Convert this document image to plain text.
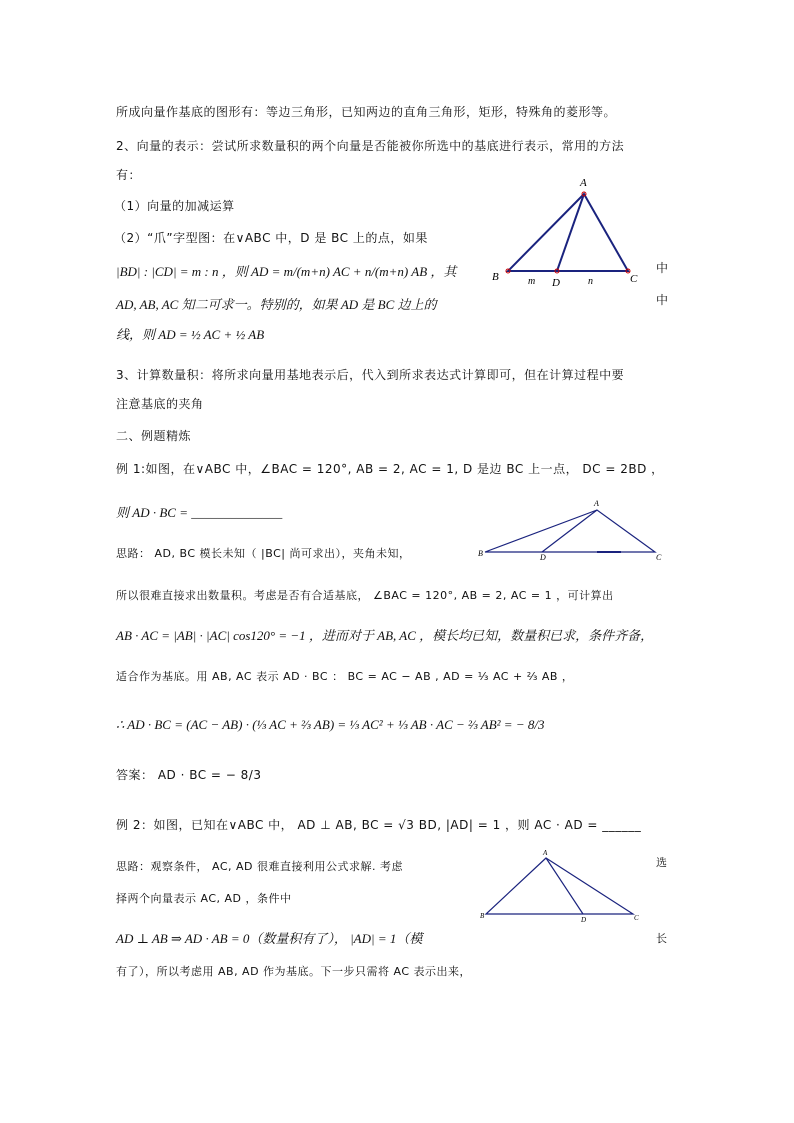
所成向量作基底的图形有：等边三角形，已知两边的直角三角形，矩形，特殊角的菱形等。
2、向量的表示：尝试所求数量积的两个向量是否能被你所选中的基底进行表示，常用的方法
有：
（1）向量的加减运算
（2）“爪”字型图：在∨ABC 中，D 是 BC 上的点，如果
|BD| : |CD| = m : n ，则 AD = m/(m+n) AC + n/(m+n) AB ，其
AD, AB, AC 知二可求一。特别的，如果 AD 是 BC 边上的
线，则 AD = ½ AC + ½ AB
中
中
A
B	C
D
m	n
3、计算数量积：将所求向量用基地表示后，代入到所求表达式计算即可，但在计算过程中要
注意基底的夹角
二、例题精炼
例 1:如图，在∨ABC 中，∠BAC = 120°, AB = 2, AC = 1, D 是边 BC 上一点， DC = 2BD ，
则 AD · BC = ______________
思路： AD, BC 模长未知（ |BC| 尚可求出），夹角未知，
A
B	C
D
所以很难直接求出数量积。考虑是否有合适基底， ∠BAC = 120°, AB = 2, AC = 1 ，可计算出
AB · AC = |AB| · |AC| cos120° = −1 ，进而对于 AB, AC ，模长均已知，数量积已求，条件齐备，
适合作为基底。用 AB, AC 表示 AD · BC ： BC = AC − AB , AD = ⅓ AC + ⅔ AB ，
∴ AD · BC = (AC − AB) · (⅓ AC + ⅔ AB) = ⅓ AC² + ⅓ AB · AC − ⅔ AB² = − 8/3
答案： AD · BC = − 8/3
例 2：如图，已知在∨ABC 中， AD ⊥ AB, BC = √3 BD, |AD| = 1 ，则 AC · AD = ______
思路：观察条件， AC, AD 很难直接利用公式求解. 考虑	选
择两个向量表示 AC, AD ，条件中
A
B	C
D
AD ⊥ AB ⇒ AD · AB = 0（数量积有了）， |AD| = 1（模	长
有了），所以考虑用 AB, AD 作为基底。下一步只需将 AC 表示出来，
